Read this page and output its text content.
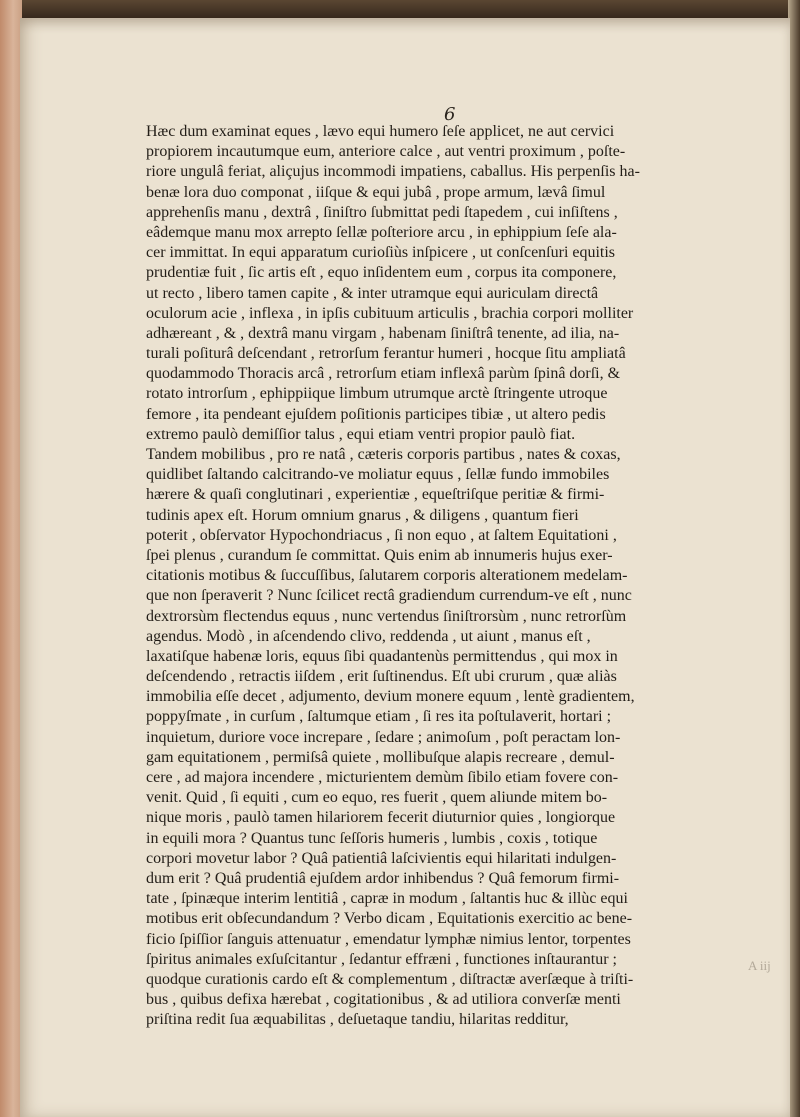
6
Hæc dum examinat eques , lævo equi humero ſeſe applicet, ne aut cervici
propiorem incautumque eum, anteriore calce , aut ventri proximum , poſte-
riore ungulâ feriat, aliçujus incommodi impatiens, caballus. His perpenſis ha-
benæ lora duo componat , iiſque & equi jubâ , prope armum, lævâ ſimul
apprehenſis manu , dextrâ , ſiniſtro ſubmittat pedi ſtapedem , cui inſiſtens ,
eâdemque manu mox arrepto ſellæ poſteriore arcu , in ephippium ſeſe ala-
cer immittat. In equi apparatum curioſiùs inſpicere , ut conſcenſuri equitis
prudentiæ fuit , ſic artis eſt , equo inſidentem eum , corpus ita componere,
ut recto , libero tamen capite , & inter utramque equi auriculam directâ
oculorum acie , inflexa , in ipſis cubituum articulis , brachia corpori molliter
adhæreant , & , dextrâ manu virgam , habenam ſiniſtrâ tenente, ad ilia, na-
turali poſiturâ deſcendant , retrorſum ferantur humeri , hocque ſitu ampliatâ
quodammodo Thoracis arcâ , retrorſum etiam inflexâ parùm ſpinâ dorſi, &
rotato introrſum , ephippiique limbum utrumque arctè ſtringente utroque
femore , ita pendeant ejuſdem poſitionis participes tibiæ , ut altero pedis
extremo paulò demiſſior talus , equi etiam ventri propior paulò fiat.
Tandem mobilibus , pro re natâ , cæteris corporis partibus , nates & coxas,
quidlibet ſaltando calcitrando-ve moliatur equus , ſellæ fundo immobiles
hærere & quaſi conglutinari , experientiæ , equeſtriſque peritiæ & firmi-
tudinis apex eſt. Horum omnium gnarus , & diligens , quantum fieri
poterit , obſervator Hypochondriacus , ſi non equo , at ſaltem Equitationi ,
ſpei plenus , curandum ſe committat. Quis enim ab innumeris hujus exer-
citationis motibus & ſuccuſſibus, ſalutarem corporis alterationem medelam-
que non ſperaverit ? Nunc ſcilicet rectâ gradiendum currendum-ve eſt , nunc
dextrorsùm flectendus equus , nunc vertendus ſiniſtrorsùm , nunc retrorſùm
agendus. Modò , in aſcendendo clivo, reddenda , ut aiunt , manus eſt ,
laxatiſque habenæ loris, equus ſibi quadantenùs permittendus , qui mox in
deſcendendo , retractis iiſdem , erit ſuſtinendus. Eſt ubi crurum , quæ aliàs
immobilia eſſe decet , adjumento, devium monere equum , lentè gradientem,
poppyſmate , in curſum , ſaltumque etiam , ſi res ita poſtulaverit, hortari ;
inquietum, duriore voce increpare , ſedare ; animoſum , poſt peractam lon-
gam equitationem , permiſsâ quiete , mollibuſque alapis recreare , demul-
cere , ad majora incendere , micturientem demùm ſibilo etiam fovere con-
venit. Quid , ſi equiti , cum eo equo, res fuerit , quem aliunde mitem bo-
nique moris , paulò tamen hilariorem fecerit diuturnior quies , longiorque
in equili mora ? Quantus tunc ſeſſoris humeris , lumbis , coxis , totique
corpori movetur labor ? Quâ patientiâ laſcivientis equi hilaritati indulgen-
dum erit ? Quâ prudentiâ ejuſdem ardor inhibendus ? Quâ femorum firmi-
tate , ſpinæque interim lentitiâ , capræ in modum , ſaltantis huc & illùc equi
motibus erit obſecundandum ? Verbo dicam , Equitationis exercitio ac bene-
ficio ſpiſſior ſanguis attenuatur , emendatur lymphæ nimius lentor, torpentes
ſpiritus animales exſuſcitantur , ſedantur effræni , functiones inſtaurantur ;
quodque curationis cardo eſt & complementum , diſtractæ averſæque à triſti-
bus , quibus defixa hærebat , cogitationibus , & ad utiliora converſæ menti
priſtina redit ſua æquabilitas , deſuetaque tandiu, hilaritas redditur,
A iij
